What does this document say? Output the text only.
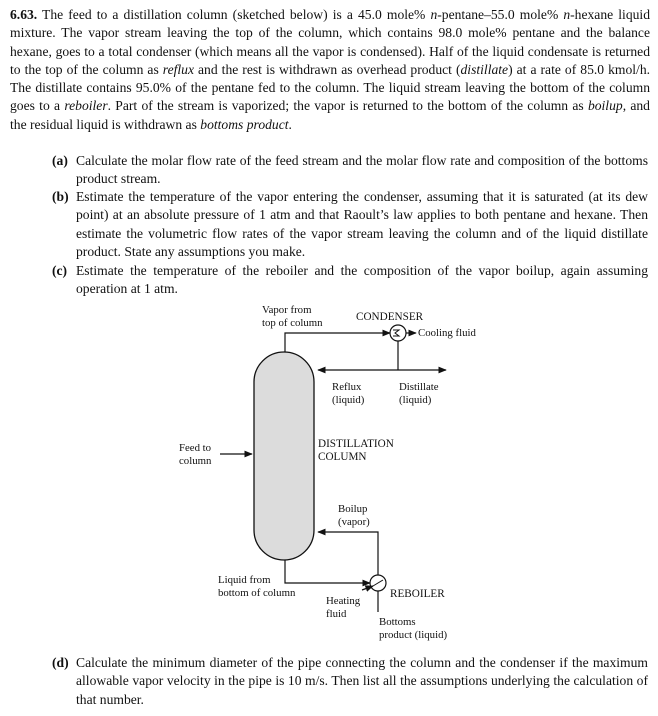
6.63. The feed to a distillation column (sketched below) is a 45.0 mole% n-pentane–55.0 mole% n-hexane liquid mixture. The vapor stream leaving the top of the column, which contains 98.0 mole% pentane and the balance hexane, goes to a total condenser (which means all the vapor is condensed). Half of the liquid condensate is returned to the top of the column as reflux and the rest is withdrawn as overhead product (distillate) at a rate of 85.0 kmol/h. The distillate contains 95.0% of the pentane fed to the column. The liquid stream leaving the bottom of the column goes to a reboiler. Part of the stream is vaporized; the vapor is returned to the bottom of the column as boilup, and the residual liquid is withdrawn as bottoms product.
(a) Calculate the molar flow rate of the feed stream and the molar flow rate and composition of the bottoms product stream.
(b) Estimate the temperature of the vapor entering the condenser, assuming that it is saturated (at its dew point) at an absolute pressure of 1 atm and that Raoult’s law applies to both pentane and hexane. Then estimate the volumetric flow rates of the vapor stream leaving the column and of the liquid distillate product. State any assumptions you make.
(c) Estimate the temperature of the reboiler and the composition of the vapor boilup, again assuming operation at 1 atm.
(d) Calculate the minimum diameter of the pipe connecting the column and the condenser if the maximum allowable vapor velocity in the pipe is 10 m/s. Then list all the assumptions underlying the calculation of that number.
Vapor from
top of column	CONDENSER
Cooling fluid
Reflux
(liquid)
Distillate
(liquid)
Feed to
column
DISTILLATION
COLUMN
Boilup
(vapor)
Liquid from
bottom of column	REBOILER
Heating
fluid
Bottoms
product (liquid)
